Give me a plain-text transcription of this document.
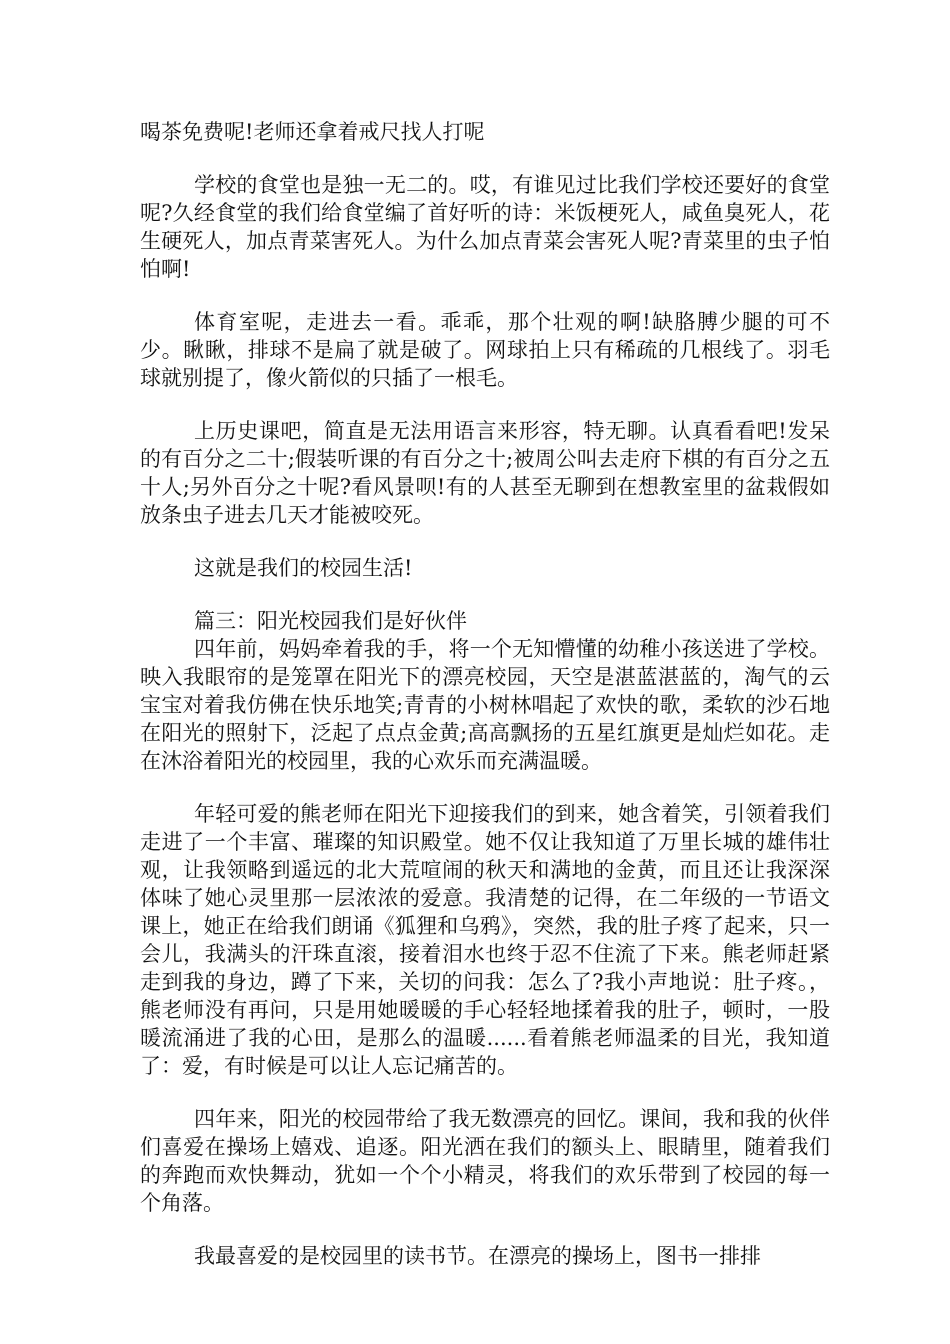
喝茶免费呢!老师还拿着戒尺找人打呢

学校的食堂也是独一无二的。哎，有谁见过比我们学校还要好的食堂呢?久经食堂的我们给食堂编了首好听的诗：米饭梗死人，咸鱼臭死人，花生硬死人，加点青菜害死人。为什么加点青菜会害死人呢?青菜里的虫子怕怕啊!

体育室呢，走进去一看。乖乖，那个壮观的啊!缺胳膊少腿的可不少。瞅瞅，排球不是扁了就是破了。网球拍上只有稀疏的几根线了。羽毛球就别提了，像火箭似的只插了一根毛。

上历史课吧，简直是无法用语言来形容，特无聊。认真看看吧!发呆的有百分之二十;假装听课的有百分之十;被周公叫去走府下棋的有百分之五十人;另外百分之十呢?看风景呗!有的人甚至无聊到在想教室里的盆栽假如放条虫子进去几天才能被咬死。

这就是我们的校园生活!

篇三：阳光校园我们是好伙伴

四年前，妈妈牵着我的手，将一个无知懵懂的幼稚小孩送进了学校。映入我眼帘的是笼罩在阳光下的漂亮校园，天空是湛蓝湛蓝的，淘气的云宝宝对着我仿佛在快乐地笑;青青的小树林唱起了欢快的歌，柔软的沙石地在阳光的照射下，泛起了点点金黄;高高飘扬的五星红旗更是灿烂如花。走在沐浴着阳光的校园里，我的心欢乐而充满温暖。

年轻可爱的熊老师在阳光下迎接我们的到来，她含着笑，引领着我们走进了一个丰富、璀璨的知识殿堂。她不仅让我知道了万里长城的雄伟壮观，让我领略到遥远的北大荒喧闹的秋天和满地的金黄，而且还让我深深体味了她心灵里那一层浓浓的爱意。我清楚的记得，在二年级的一节语文课上，她正在给我们朗诵《狐狸和乌鸦》，突然，我的肚子疼了起来，只一会儿，我满头的汗珠直滚，接着泪水也终于忍不住流了下来。熊老师赶紧走到我的身边，蹲了下来，关切的问我：怎么了?我小声地说：肚子疼。，熊老师没有再问，只是用她暖暖的手心轻轻地揉着我的肚子，顿时，一股暖流涌进了我的心田，是那么的温暖......看着熊老师温柔的目光，我知道了：爱，有时候是可以让人忘记痛苦的。

四年来，阳光的校园带给了我无数漂亮的回忆。课间，我和我的伙伴们喜爱在操场上嬉戏、追逐。阳光洒在我们的额头上、眼睛里，随着我们的奔跑而欢快舞动，犹如一个个小精灵，将我们的欢乐带到了校园的每一个角落。

我最喜爱的是校园里的读书节。在漂亮的操场上，图书一排排
